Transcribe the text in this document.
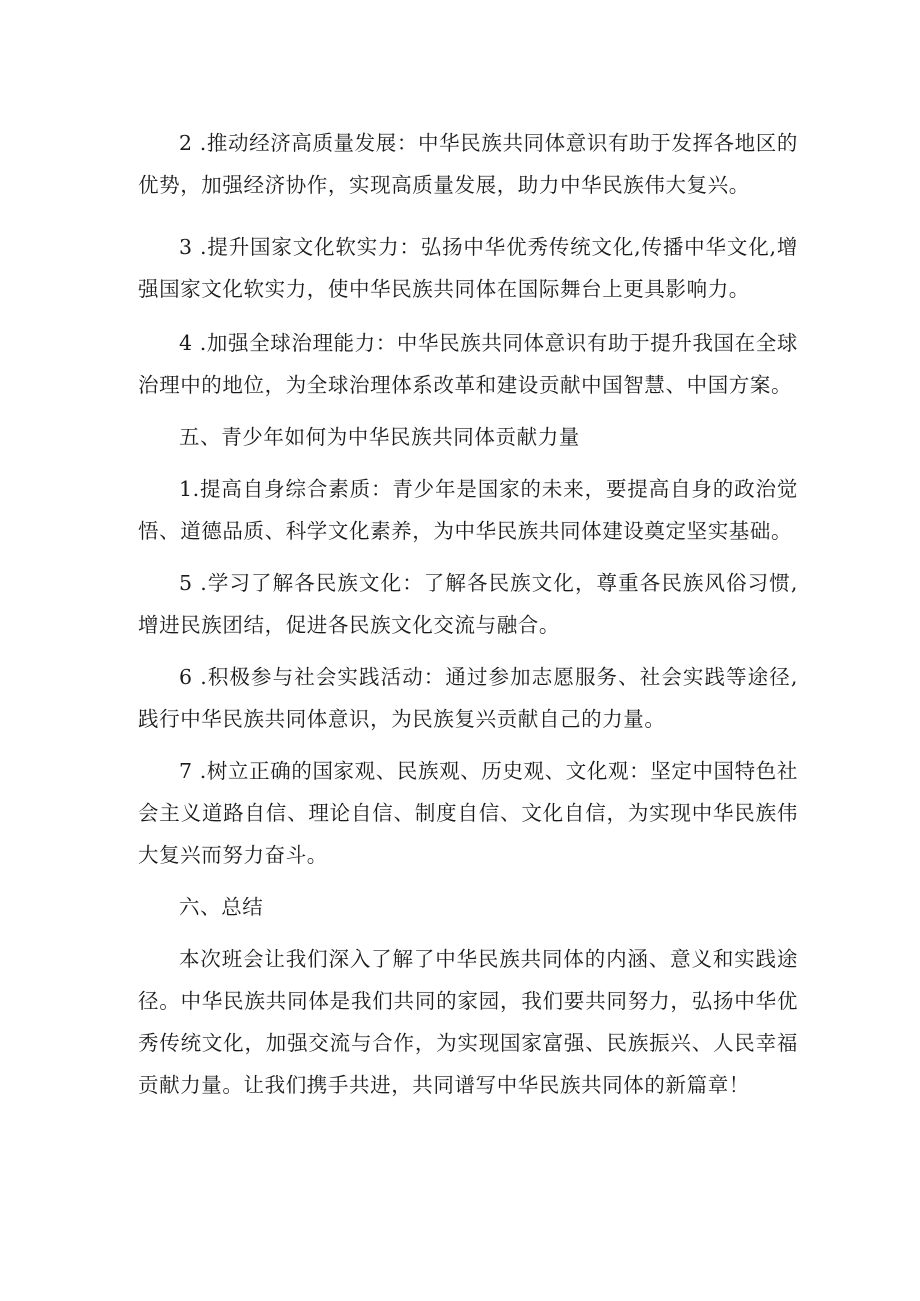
2 .推动经济高质量发展：中华民族共同体意识有助于发挥各地区的优势，加强经济协作，实现高质量发展，助力中华民族伟大复兴。

3 .提升国家文化软实力：弘扬中华优秀传统文化,传播中华文化,增强国家文化软实力，使中华民族共同体在国际舞台上更具影响力。

4 .加强全球治理能力：中华民族共同体意识有助于提升我国在全球治理中的地位，为全球治理体系改革和建设贡献中国智慧、中国方案。

五、青少年如何为中华民族共同体贡献力量

1.提高自身综合素质：青少年是国家的未来，要提高自身的政治觉悟、道德品质、科学文化素养，为中华民族共同体建设奠定坚实基础。

5 .学习了解各民族文化：了解各民族文化，尊重各民族风俗习惯,增进民族团结，促进各民族文化交流与融合。

6 .积极参与社会实践活动：通过参加志愿服务、社会实践等途径,践行中华民族共同体意识，为民族复兴贡献自己的力量。

7 .树立正确的国家观、民族观、历史观、文化观：坚定中国特色社会主义道路自信、理论自信、制度自信、文化自信，为实现中华民族伟大复兴而努力奋斗。

六、总结

本次班会让我们深入了解了中华民族共同体的内涵、意义和实践途径。中华民族共同体是我们共同的家园，我们要共同努力，弘扬中华优秀传统文化，加强交流与合作，为实现国家富强、民族振兴、人民幸福贡献力量。让我们携手共进，共同谱写中华民族共同体的新篇章！
